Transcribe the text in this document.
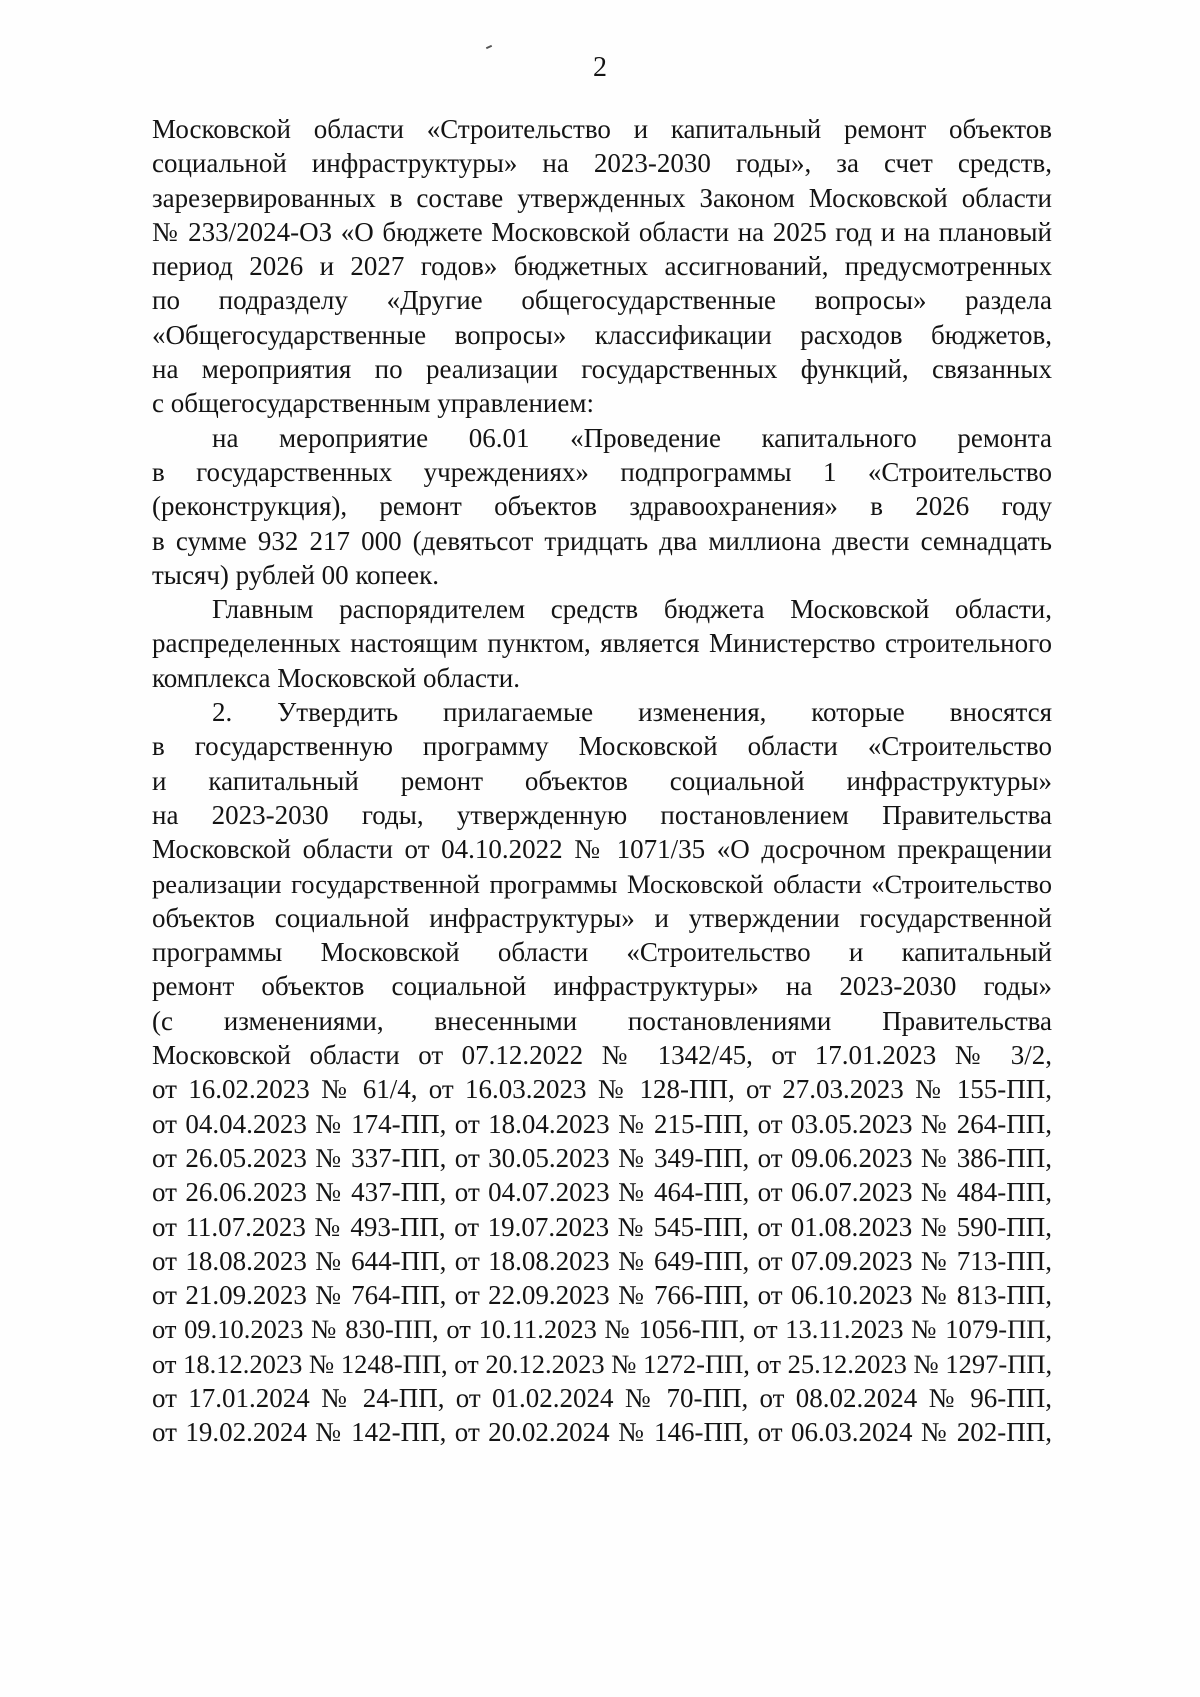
2
Московской области «Строительство и капитальный ремонт объектов
социальной инфраструктуры» на 2023-2030 годы», за счет средств,
зарезервированных в составе утвержденных Законом Московской области
№ 233/2024-ОЗ «О бюджете Московской области на 2025 год и на плановый
период 2026 и 2027 годов» бюджетных ассигнований, предусмотренных
по подразделу «Другие общегосударственные вопросы» раздела
«Общегосударственные вопросы» классификации расходов бюджетов,
на мероприятия по реализации государственных функций, связанных
с общегосударственным управлением:
на мероприятие 06.01 «Проведение капитального ремонта
в государственных учреждениях» подпрограммы 1 «Строительство
(реконструкция), ремонт объектов здравоохранения» в 2026 году
в сумме 932 217 000 (девятьсот тридцать два миллиона двести семнадцать
тысяч) рублей 00 копеек.
Главным распорядителем средств бюджета Московской области,
распределенных настоящим пунктом, является Министерство строительного
комплекса Московской области.
2. Утвердить прилагаемые изменения, которые вносятся
в государственную программу Московской области «Строительство
и капитальный ремонт объектов социальной инфраструктуры»
на 2023-2030 годы, утвержденную постановлением Правительства
Московской области от 04.10.2022 № 1071/35 «О досрочном прекращении
реализации государственной программы Московской области «Строительство
объектов социальной инфраструктуры» и утверждении государственной
программы Московской области «Строительство и капитальный
ремонт объектов социальной инфраструктуры» на 2023-2030 годы»
(с изменениями, внесенными постановлениями Правительства
Московской области от 07.12.2022 № 1342/45, от 17.01.2023 № 3/2,
от 16.02.2023 № 61/4, от 16.03.2023 № 128-ПП, от 27.03.2023 № 155-ПП,
от 04.04.2023 № 174-ПП, от 18.04.2023 № 215-ПП, от 03.05.2023 № 264-ПП,
от 26.05.2023 № 337-ПП, от 30.05.2023 № 349-ПП, от 09.06.2023 № 386-ПП,
от 26.06.2023 № 437-ПП, от 04.07.2023 № 464-ПП, от 06.07.2023 № 484-ПП,
от 11.07.2023 № 493-ПП, от 19.07.2023 № 545-ПП, от 01.08.2023 № 590-ПП,
от 18.08.2023 № 644-ПП, от 18.08.2023 № 649-ПП, от 07.09.2023 № 713-ПП,
от 21.09.2023 № 764-ПП, от 22.09.2023 № 766-ПП, от 06.10.2023 № 813-ПП,
от 09.10.2023 № 830-ПП, от 10.11.2023 № 1056-ПП, от 13.11.2023 № 1079-ПП,
от 18.12.2023 № 1248-ПП, от 20.12.2023 № 1272-ПП, от 25.12.2023 № 1297-ПП,
от 17.01.2024 № 24-ПП, от 01.02.2024 № 70-ПП, от 08.02.2024 № 96-ПП,
от 19.02.2024 № 142-ПП, от 20.02.2024 № 146-ПП, от 06.03.2024 № 202-ПП,
